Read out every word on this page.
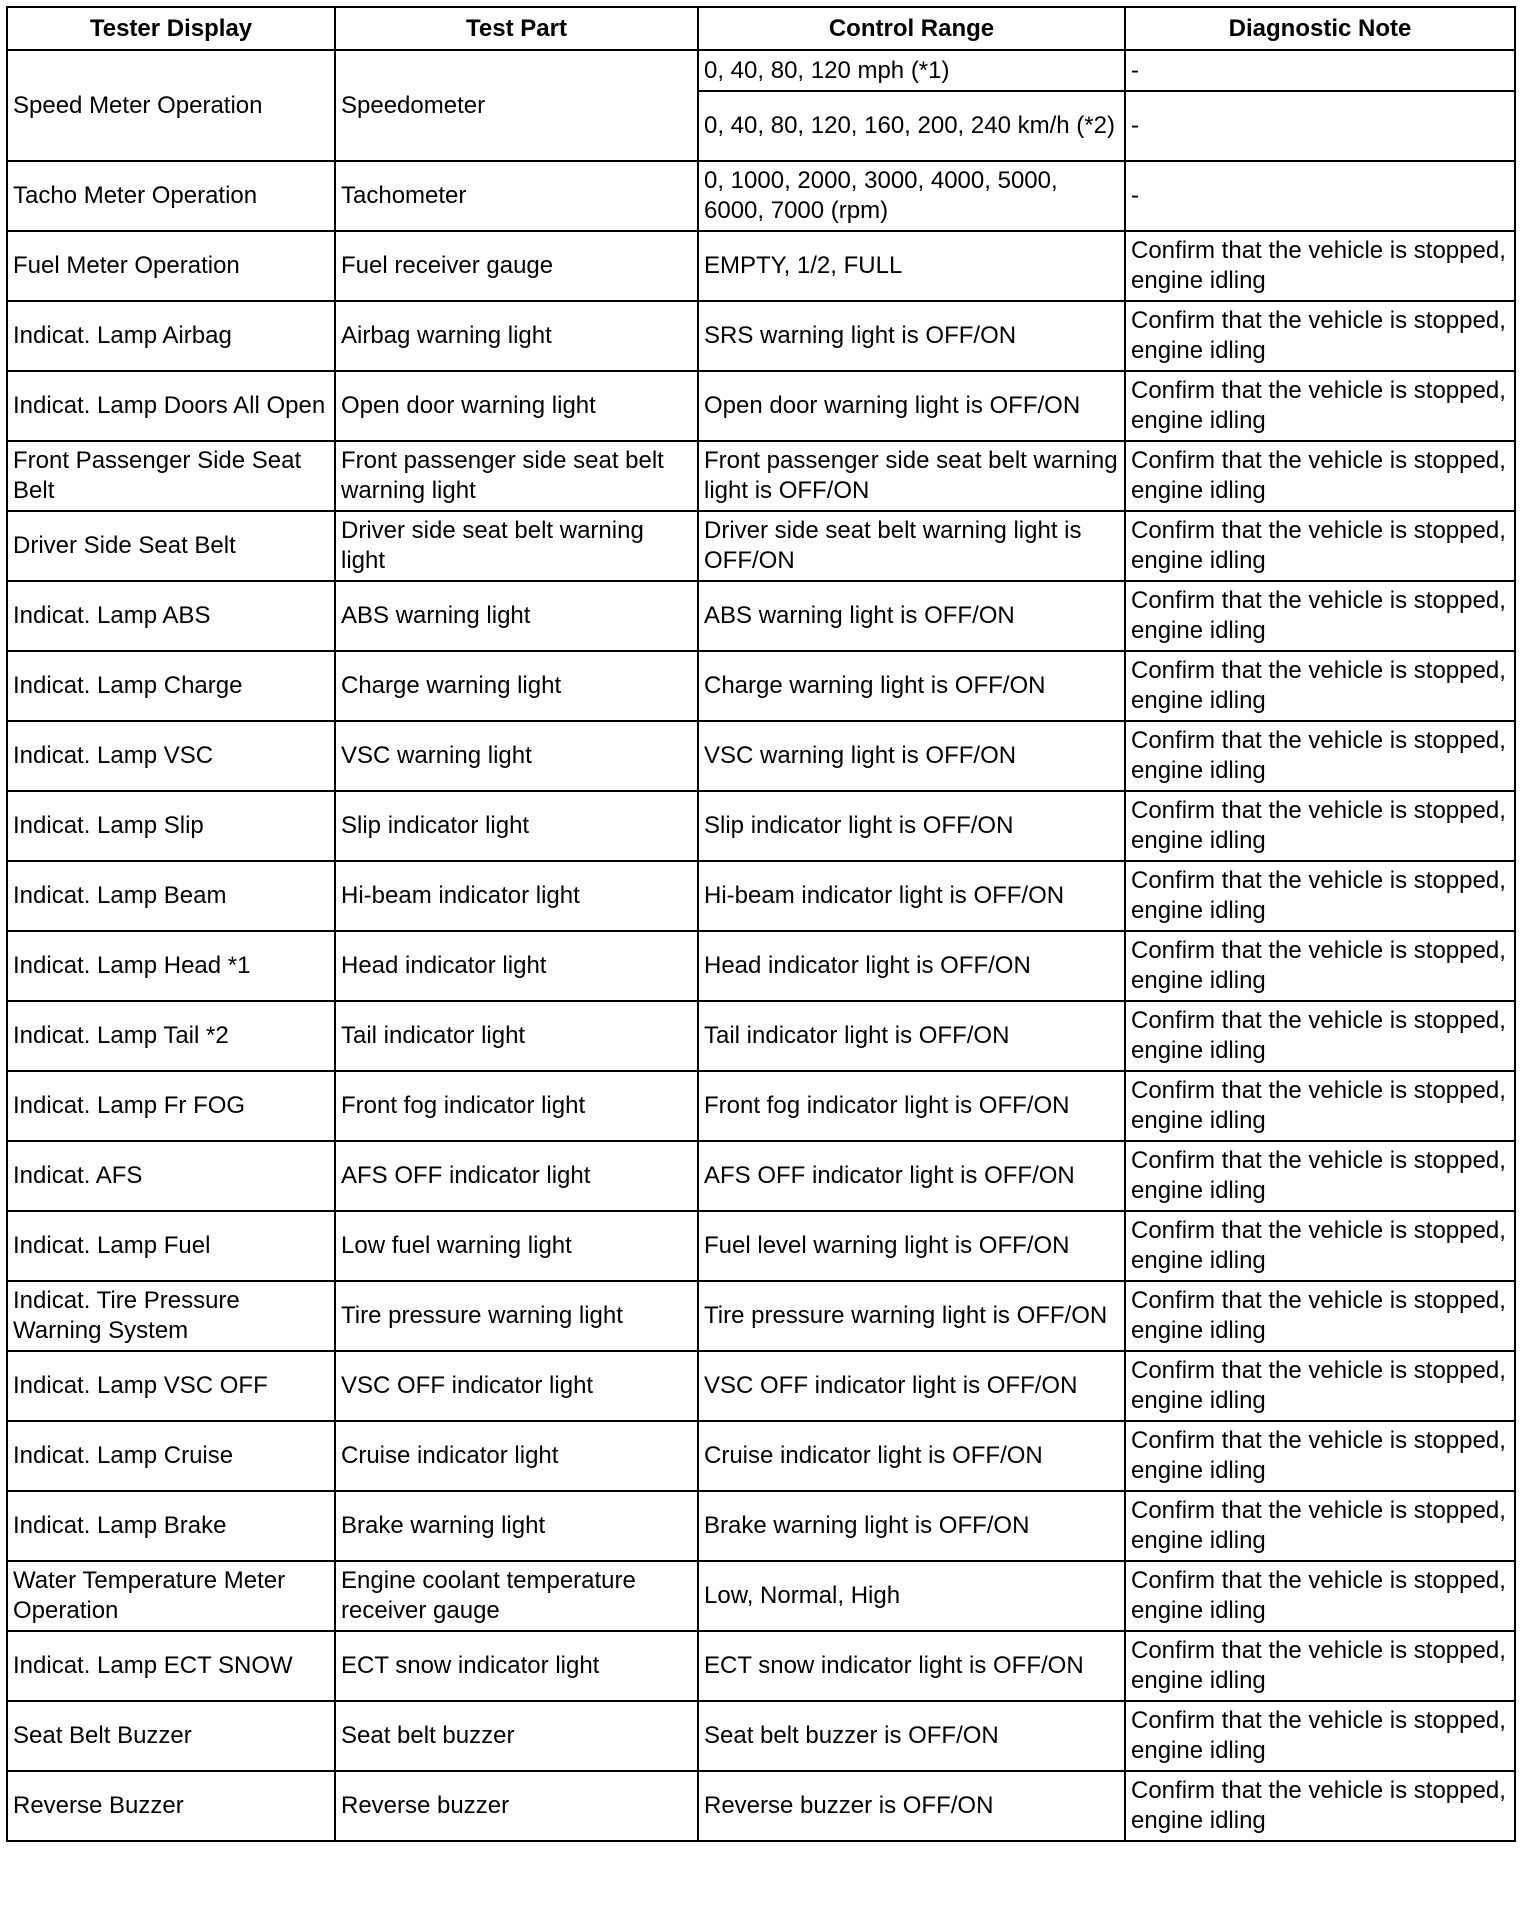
Tester Display	Test Part	Control Range	Diagnostic Note
Speed Meter Operation	Speedometer	0, 40, 80, 120 mph (*1)	-
		0, 40, 80, 120, 160, 200, 240 km/h (*2)	-
Tacho Meter Operation	Tachometer	0, 1000, 2000, 3000, 4000, 5000, 6000, 7000 (rpm)	-
Fuel Meter Operation	Fuel receiver gauge	EMPTY, 1/2, FULL	Confirm that the vehicle is stopped, engine idling
Indicat. Lamp Airbag	Airbag warning light	SRS warning light is OFF/ON	Confirm that the vehicle is stopped, engine idling
Indicat. Lamp Doors All Open	Open door warning light	Open door warning light is OFF/ON	Confirm that the vehicle is stopped, engine idling
Front Passenger Side Seat Belt	Front passenger side seat belt warning light	Front passenger side seat belt warning light is OFF/ON	Confirm that the vehicle is stopped, engine idling
Driver Side Seat Belt	Driver side seat belt warning light	Driver side seat belt warning light is OFF/ON	Confirm that the vehicle is stopped, engine idling
Indicat. Lamp ABS	ABS warning light	ABS warning light is OFF/ON	Confirm that the vehicle is stopped, engine idling
Indicat. Lamp Charge	Charge warning light	Charge warning light is OFF/ON	Confirm that the vehicle is stopped, engine idling
Indicat. Lamp VSC	VSC warning light	VSC warning light is OFF/ON	Confirm that the vehicle is stopped, engine idling
Indicat. Lamp Slip	Slip indicator light	Slip indicator light is OFF/ON	Confirm that the vehicle is stopped, engine idling
Indicat. Lamp Beam	Hi-beam indicator light	Hi-beam indicator light is OFF/ON	Confirm that the vehicle is stopped, engine idling
Indicat. Lamp Head *1	Head indicator light	Head indicator light is OFF/ON	Confirm that the vehicle is stopped, engine idling
Indicat. Lamp Tail *2	Tail indicator light	Tail indicator light is OFF/ON	Confirm that the vehicle is stopped, engine idling
Indicat. Lamp Fr FOG	Front fog indicator light	Front fog indicator light is OFF/ON	Confirm that the vehicle is stopped, engine idling
Indicat. AFS	AFS OFF indicator light	AFS OFF indicator light is OFF/ON	Confirm that the vehicle is stopped, engine idling
Indicat. Lamp Fuel	Low fuel warning light	Fuel level warning light is OFF/ON	Confirm that the vehicle is stopped, engine idling
Indicat. Tire Pressure Warning System	Tire pressure warning light	Tire pressure warning light is OFF/ON	Confirm that the vehicle is stopped, engine idling
Indicat. Lamp VSC OFF	VSC OFF indicator light	VSC OFF indicator light is OFF/ON	Confirm that the vehicle is stopped, engine idling
Indicat. Lamp Cruise	Cruise indicator light	Cruise indicator light is OFF/ON	Confirm that the vehicle is stopped, engine idling
Indicat. Lamp Brake	Brake warning light	Brake warning light is OFF/ON	Confirm that the vehicle is stopped, engine idling
Water Temperature Meter Operation	Engine coolant temperature receiver gauge	Low, Normal, High	Confirm that the vehicle is stopped, engine idling
Indicat. Lamp ECT SNOW	ECT snow indicator light	ECT snow indicator light is OFF/ON	Confirm that the vehicle is stopped, engine idling
Seat Belt Buzzer	Seat belt buzzer	Seat belt buzzer is OFF/ON	Confirm that the vehicle is stopped, engine idling
Reverse Buzzer	Reverse buzzer	Reverse buzzer is OFF/ON	Confirm that the vehicle is stopped, engine idling
